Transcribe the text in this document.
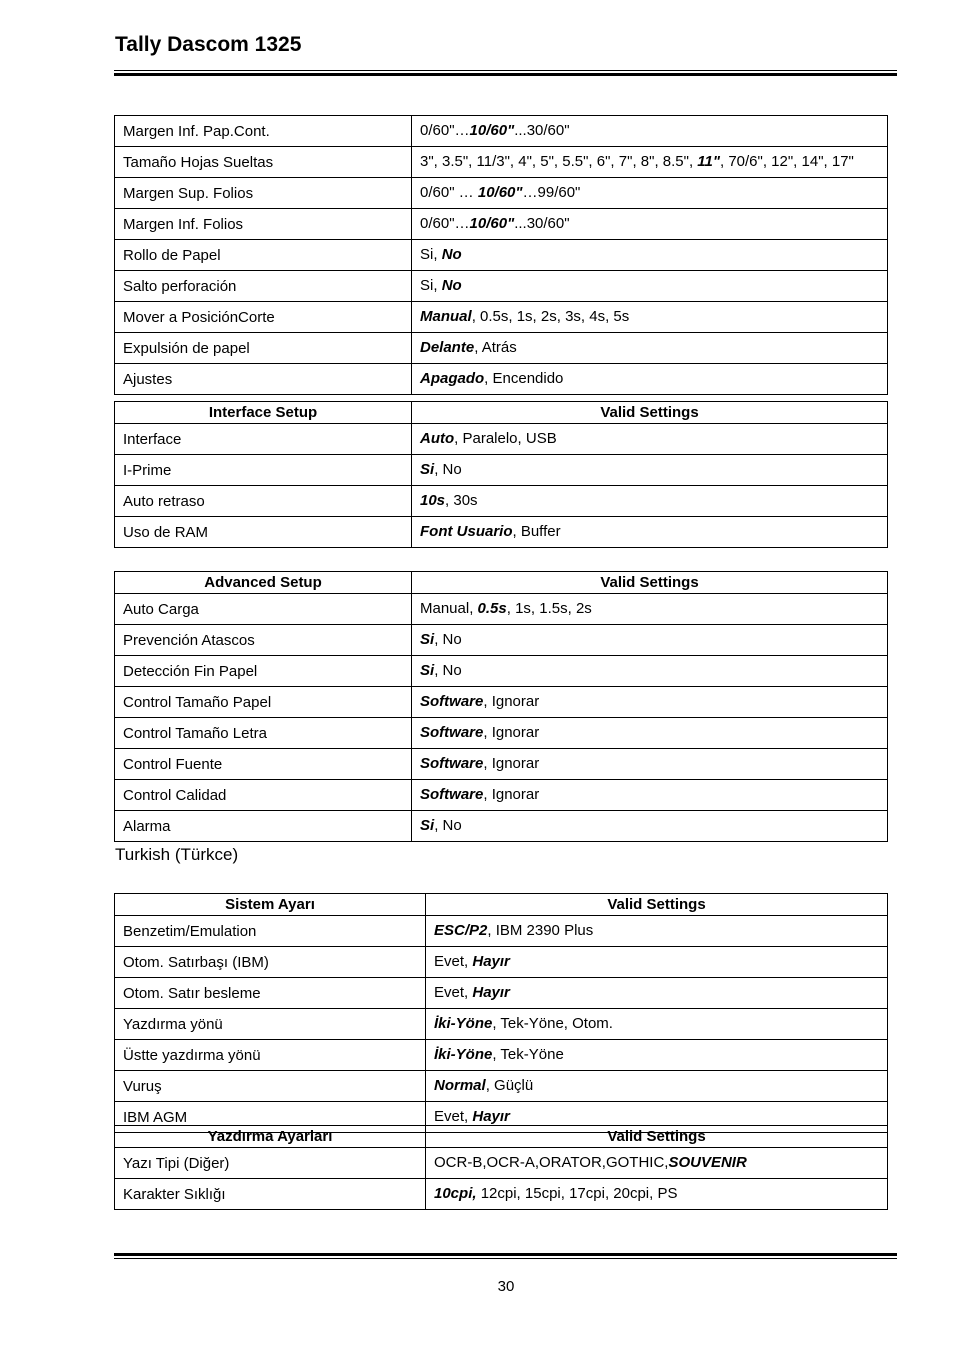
Tally Dascom 1325
Margen Inf. Pap.Cont.	0/60"…10/60"...30/60"
Tamaño Hojas Sueltas	3", 3.5", 11/3", 4", 5", 5.5", 6", 7", 8", 8.5", 11", 70/6", 12", 14", 17"
Margen Sup. Folios	0/60" … 10/60"…99/60"
Margen Inf. Folios	0/60"…10/60"...30/60"
Rollo de Papel	Si, No
Salto perforación	Si, No
Mover a PosiciónCorte	Manual, 0.5s, 1s, 2s, 3s, 4s, 5s
Expulsión de papel	Delante, Atrás
Ajustes	Apagado, Encendido
Interface Setup	Valid Settings
Interface	Auto, Paralelo, USB
I-Prime	Si, No
Auto retraso	10s, 30s
Uso de RAM	Font Usuario, Buffer
Advanced Setup	Valid Settings
Auto Carga	Manual, 0.5s, 1s, 1.5s, 2s
Prevención Atascos	Si, No
Detección Fin Papel	Si, No
Control Tamaño Papel	Software, Ignorar
Control Tamaño Letra	Software, Ignorar
Control Fuente	Software, Ignorar
Control Calidad	Software, Ignorar
Alarma	Si, No
Turkish (Türkce)
Sistem Ayarı	Valid Settings
Benzetim/Emulation	ESC/P2, IBM 2390 Plus
Otom. Satırbaşı (IBM)	Evet, Hayır
Otom. Satır besleme	Evet, Hayır
Yazdırma yönü	İki-Yöne, Tek-Yöne, Otom.
Üstte yazdırma yönü	İki-Yöne, Tek-Yöne
Vuruş	Normal, Güçlü
IBM AGM	Evet, Hayır
Yazdırma Ayarları	Valid Settings
Yazı Tipi (Diğer)	OCR-B,OCR-A,ORATOR,GOTHIC,SOUVENIR
Karakter Sıklığı	10cpi, 12cpi, 15cpi, 17cpi, 20cpi, PS
30
